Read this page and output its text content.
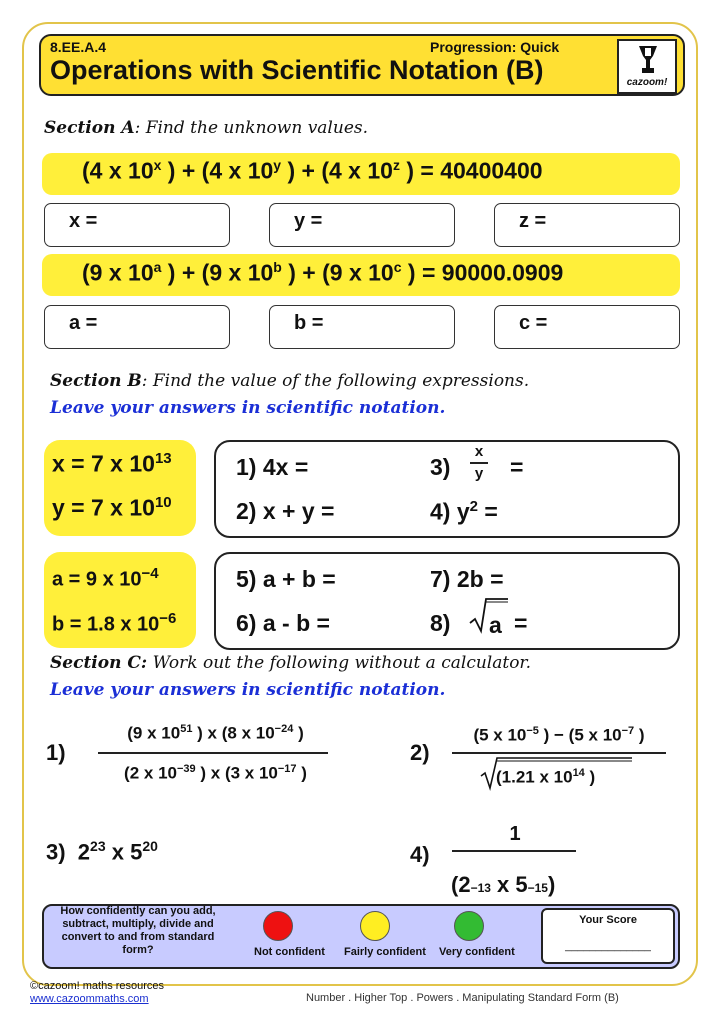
8.EE.A.4	Progression: Quick
Operations with Scientific Notation (B)	cazoom!
Section A: Find the unknown values.
(4 x 10$^x$ ) + (4 x 10$^y$ ) + (4 x 10$^z$ ) = 40400400
x =	y =	z =
(9 x 10$^a$ ) + (9 x 10$^b$ ) + (9 x 10$^c$ ) = 90000.0909
a =	b =	c =
Section B: Find the value of the following expressions.
Leave your answers in scientific notation.
x = 7 x $10^{13}$
y = 7 x $10^{10}$
1) 4x =
2) x + y =
3)
x
y =
4) $y^2$ =
a = 9 x $10^{-4}$
b = 1.8 x $10^{-6}$
5) a + b =
6) a - b =
7) 2b =
8) a =
Section C: Work out the following without a calculator.
Leave your answers in scientific notation.
1)
(9 x $10^{51}$ ) x (8 x $10^{-24}$ )
(2 x $10^{-39}$ ) x (3 x $10^{-17}$ )
2)
(5 x $10^{-5}$ ) − (5 x $10^{-7}$ )
(1.21 x $10^{14}$ )
3) $2^{23}$ x $5^{20}$	4)
1
(2−13 x 5−15)
How confidently can you add, subtract, multiply, divide and convert to and from standard form?	Not confident Fairly confident Very confident
Your Score
______________
©cazoom! maths resources
www.cazoommaths.com	Number . Higher Top . Powers . Manipulating Standard Form (B)
